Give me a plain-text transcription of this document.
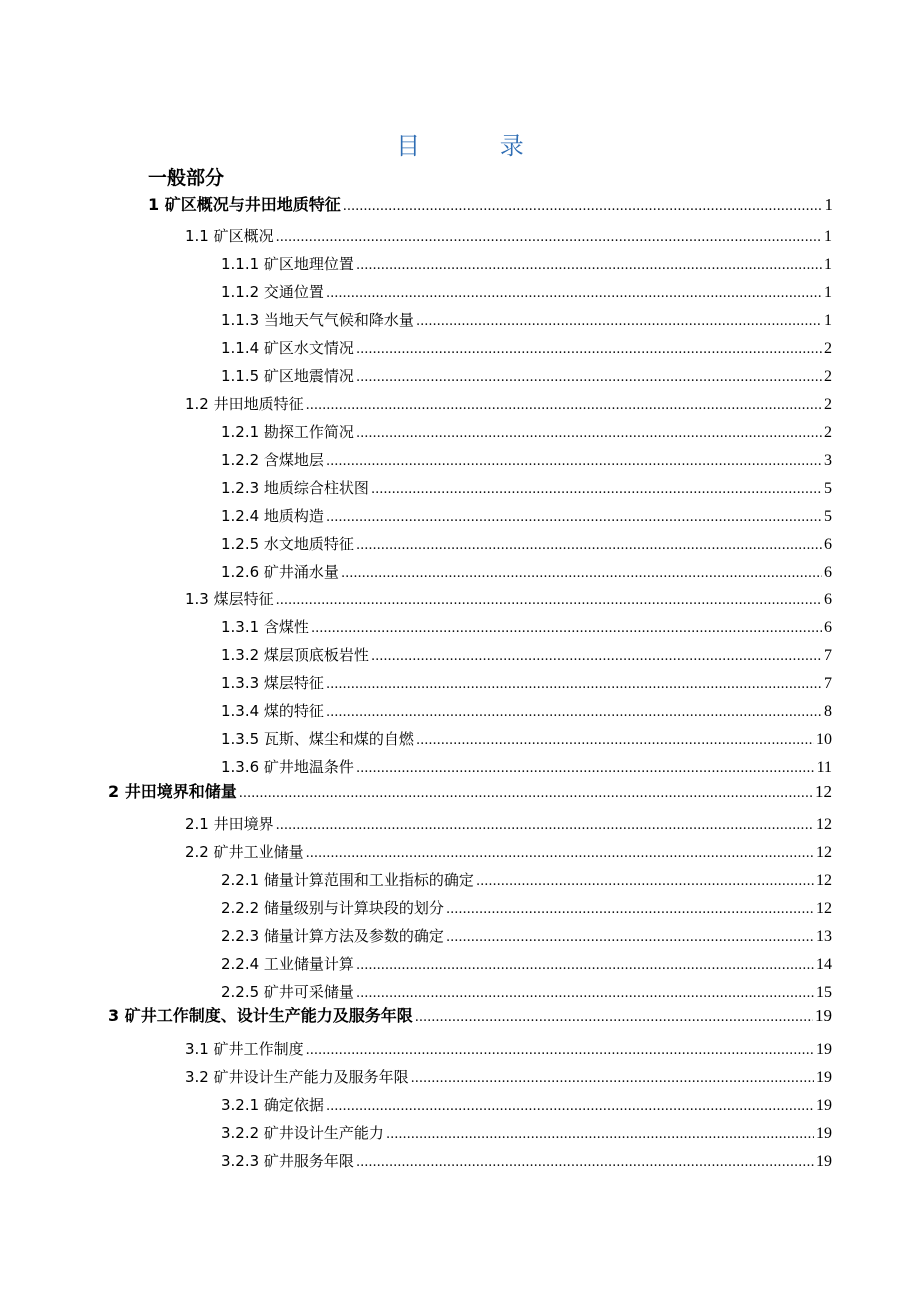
目 录
一般部分
1 矿区概况与井田地质特征 .....	1
1.1 矿区概况 .....	1
1.1.1 矿区地理位置 .....	1
1.1.2 交通位置 .....	1
1.1.3 当地天气气候和降水量 .....	1
1.1.4 矿区水文情况 .....	2
1.1.5 矿区地震情况 .....	2
1.2 井田地质特征 .....	2
1.2.1 勘探工作简况 .....	2
1.2.2 含煤地层 .....	3
1.2.3 地质综合柱状图 .....	5
1.2.4 地质构造 .....	5
1.2.5 水文地质特征 .....	6
1.2.6 矿井涌水量 .....	6
1.3 煤层特征 .....	6
1.3.1 含煤性 .....	6
1.3.2 煤层顶底板岩性 .....	7
1.3.3 煤层特征 .....	7
1.3.4 煤的特征 .....	8
1.3.5 瓦斯、煤尘和煤的自燃 .....	10
1.3.6 矿井地温条件 .....	11
2 井田境界和储量 .....	12
2.1 井田境界 .....	12
2.2 矿井工业储量 .....	12
2.2.1 储量计算范围和工业指标的确定 .....	12
2.2.2 储量级别与计算块段的划分 .....	12
2.2.3 储量计算方法及参数的确定 .....	13
2.2.4 工业储量计算 .....	14
2.2.5 矿井可采储量 .....	15
3 矿井工作制度、设计生产能力及服务年限 .....	19
3.1 矿井工作制度 .....	19
3.2 矿井设计生产能力及服务年限 .....	19
3.2.1 确定依据 .....	19
3.2.2 矿井设计生产能力 .....	19
3.2.3 矿井服务年限 .....	19
